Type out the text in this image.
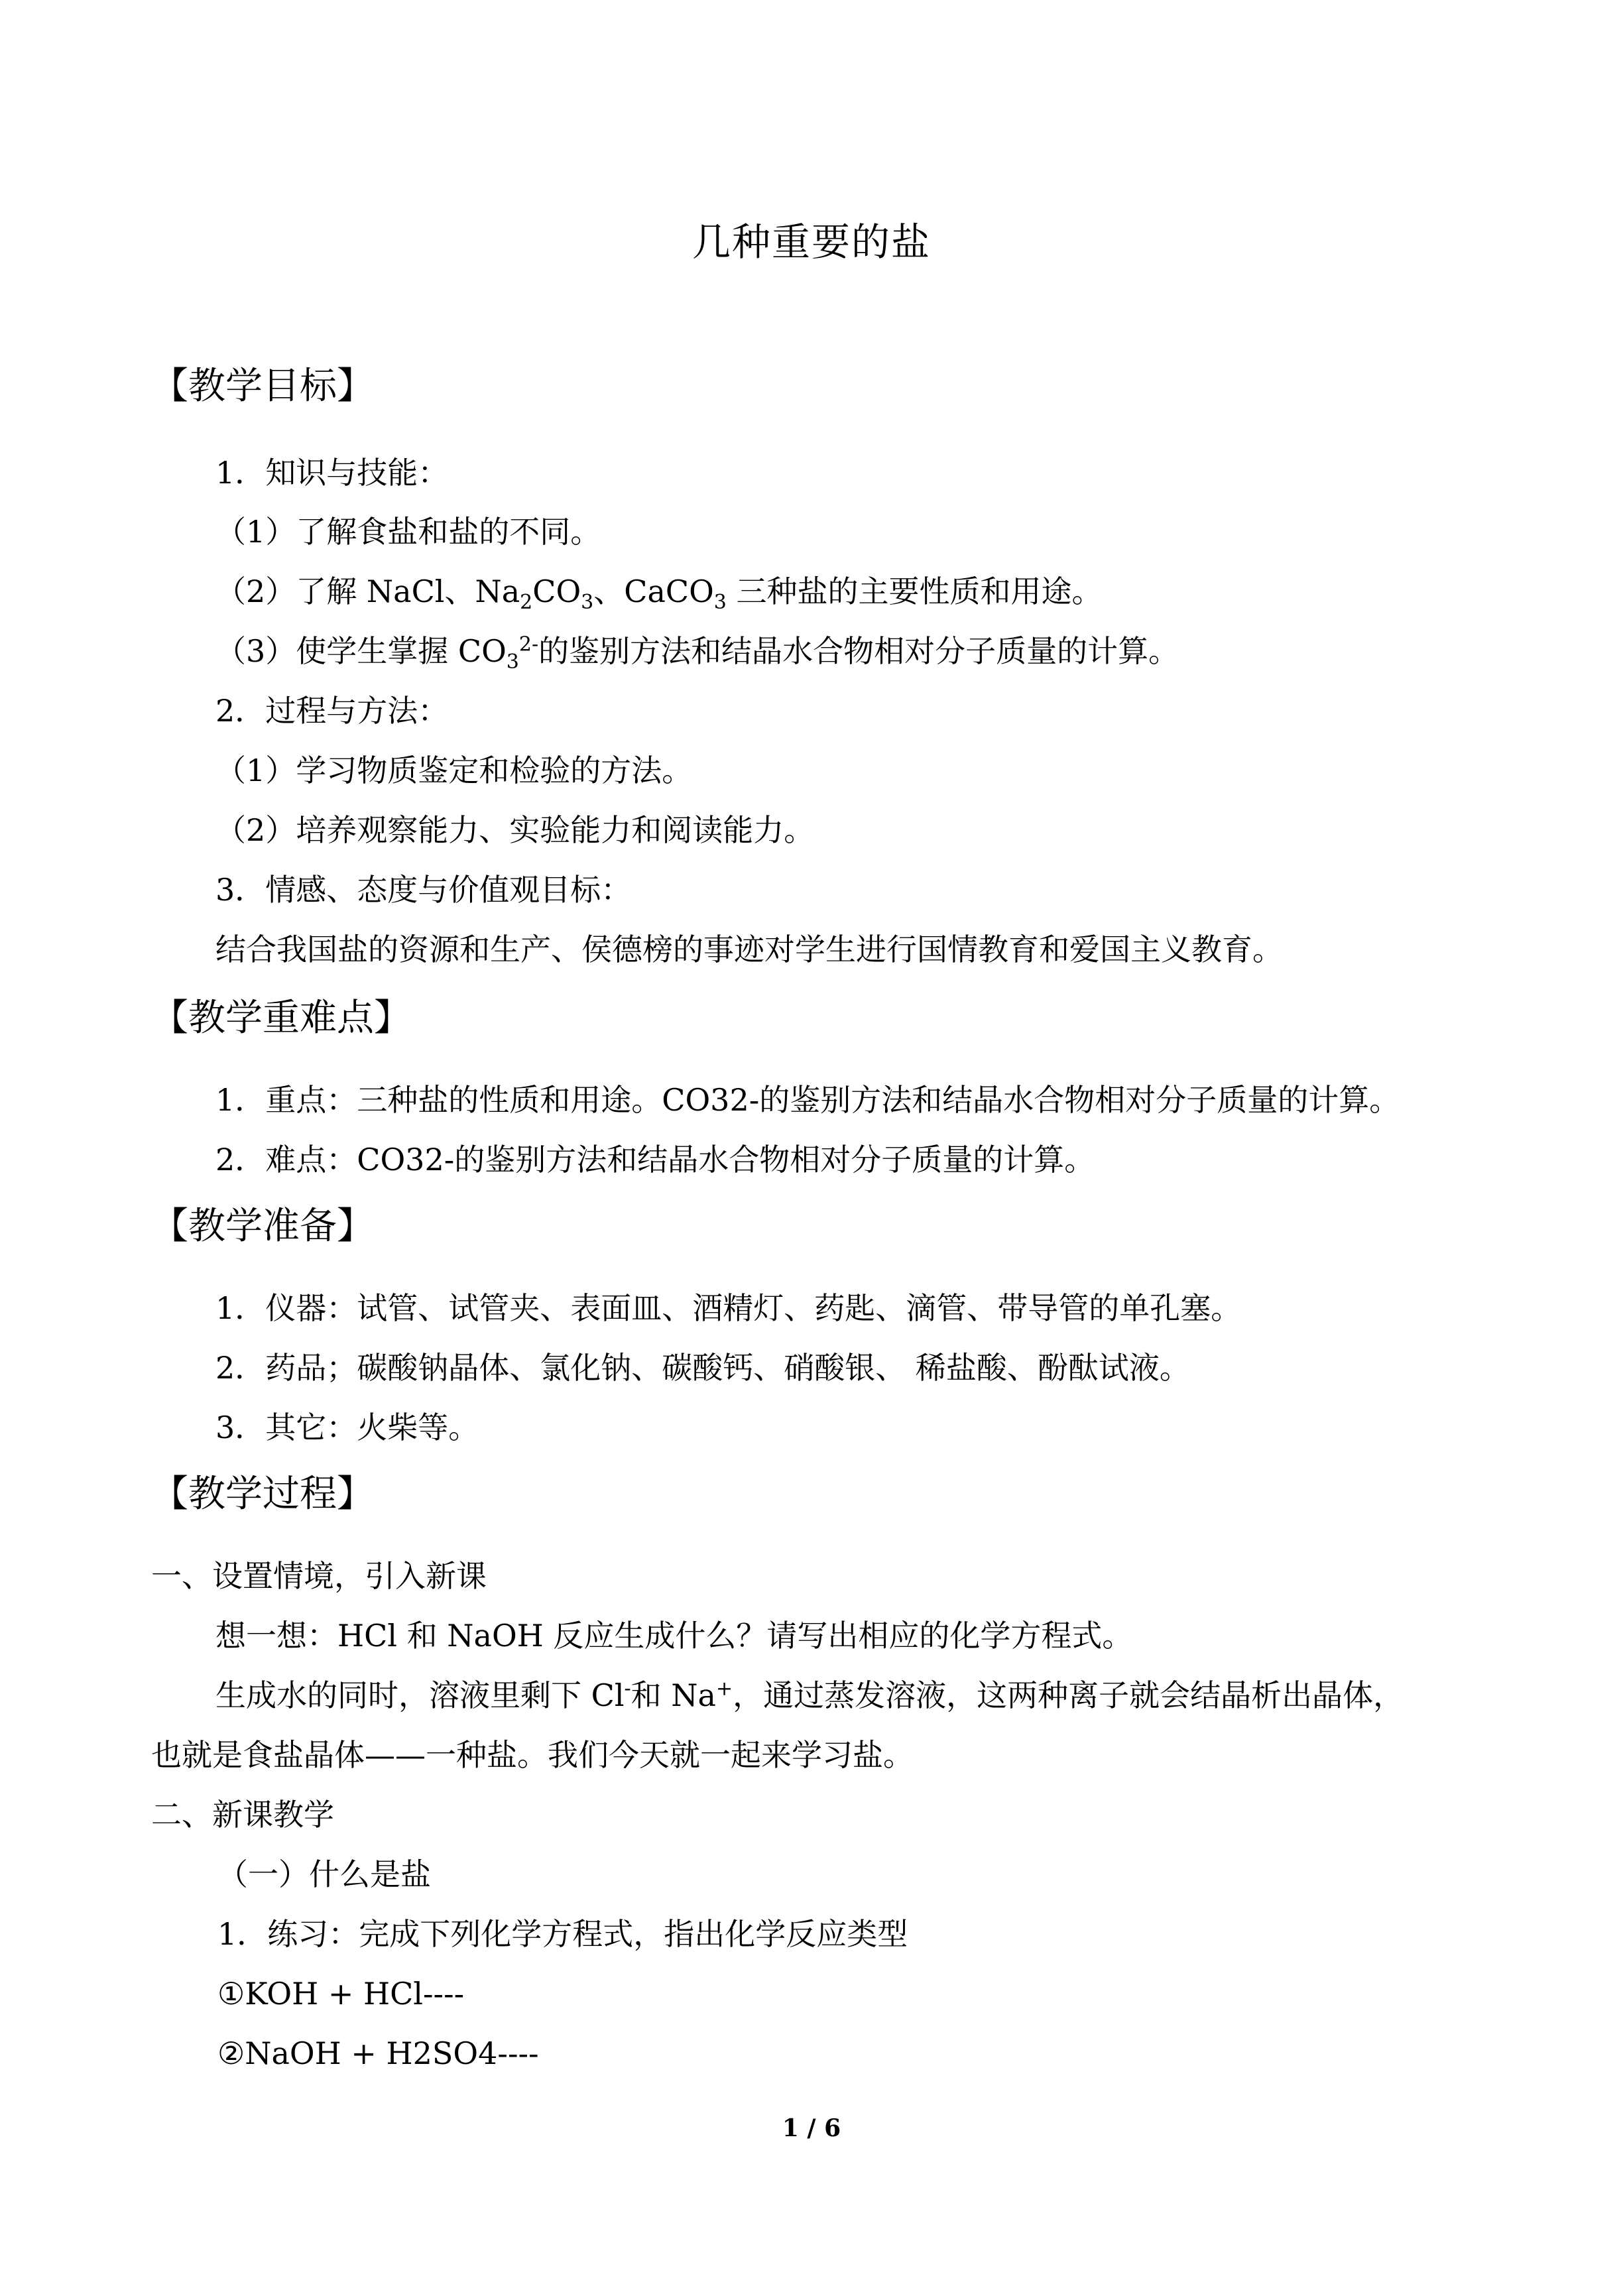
几种重要的盐
【教学目标】
1．知识与技能：
（1）了解食盐和盐的不同。
（2）了解 NaCl、$Na_2CO_3$、CaCO$_3$ 三种盐的主要性质和用途。
（3）使学生掌握 $CO_3^{2-}$的鉴别方法和结晶水合物相对分子质量的计算。
2．过程与方法：
（1）学习物质鉴定和检验的方法。
（2）培养观察能力、实验能力和阅读能力。
3．情感、态度与价值观目标：
结合我国盐的资源和生产、侯德榜的事迹对学生进行国情教育和爱国主义教育。
【教学重难点】
1．重点：三种盐的性质和用途。CO32-的鉴别方法和结晶水合物相对分子质量的计算。
2．难点：CO32-的鉴别方法和结晶水合物相对分子质量的计算。
【教学准备】
1．仪器：试管、试管夹、表面皿、酒精灯、药匙、滴管、带导管的单孔塞。
2．药品；碳酸钠晶体、氯化钠、碳酸钙、硝酸银、 稀盐酸、酚酞试液。
3．其它：火柴等。
【教学过程】
一、设置情境，引入新课
想一想：HCl 和 NaOH 反应生成什么？请写出相应的化学方程式。
生成水的同时，溶液里剩下 Cl-和 Na+，通过蒸发溶液，这两种离子就会结晶析出晶体，
也就是食盐晶体——一种盐。我们今天就一起来学习盐。
二、新课教学
（一）什么是盐
1．练习：完成下列化学方程式，指出化学反应类型
①KOH + HCl----
②NaOH + H2SO4----
1 / 6
